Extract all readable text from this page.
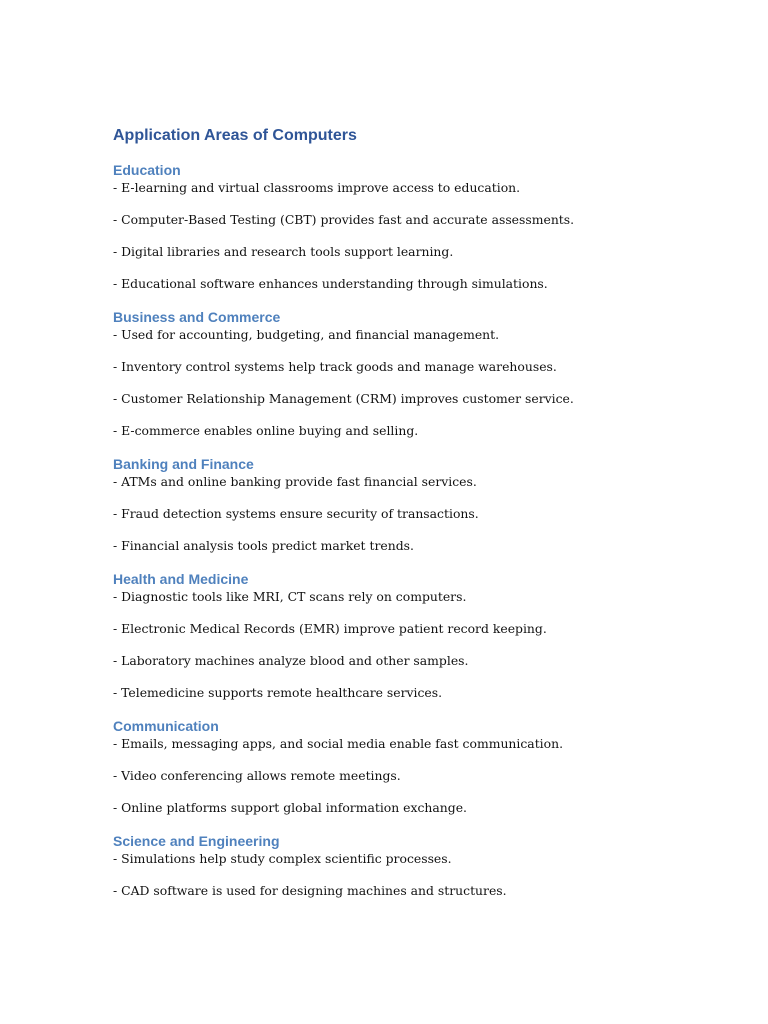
Application Areas of Computers
Education

- E-learning and virtual classrooms improve access to education.

- Computer-Based Testing (CBT) provides fast and accurate assessments.

- Digital libraries and research tools support learning.

- Educational software enhances understanding through simulations.

Business and Commerce

- Used for accounting, budgeting, and financial management.

- Inventory control systems help track goods and manage warehouses.

- Customer Relationship Management (CRM) improves customer service.

- E-commerce enables online buying and selling.

Banking and Finance

- ATMs and online banking provide fast financial services.

- Fraud detection systems ensure security of transactions.

- Financial analysis tools predict market trends.

Health and Medicine

- Diagnostic tools like MRI, CT scans rely on computers.

- Electronic Medical Records (EMR) improve patient record keeping.

- Laboratory machines analyze blood and other samples.

- Telemedicine supports remote healthcare services.

Communication

- Emails, messaging apps, and social media enable fast communication.

- Video conferencing allows remote meetings.

- Online platforms support global information exchange.

Science and Engineering

- Simulations help study complex scientific processes.

- CAD software is used for designing machines and structures.
